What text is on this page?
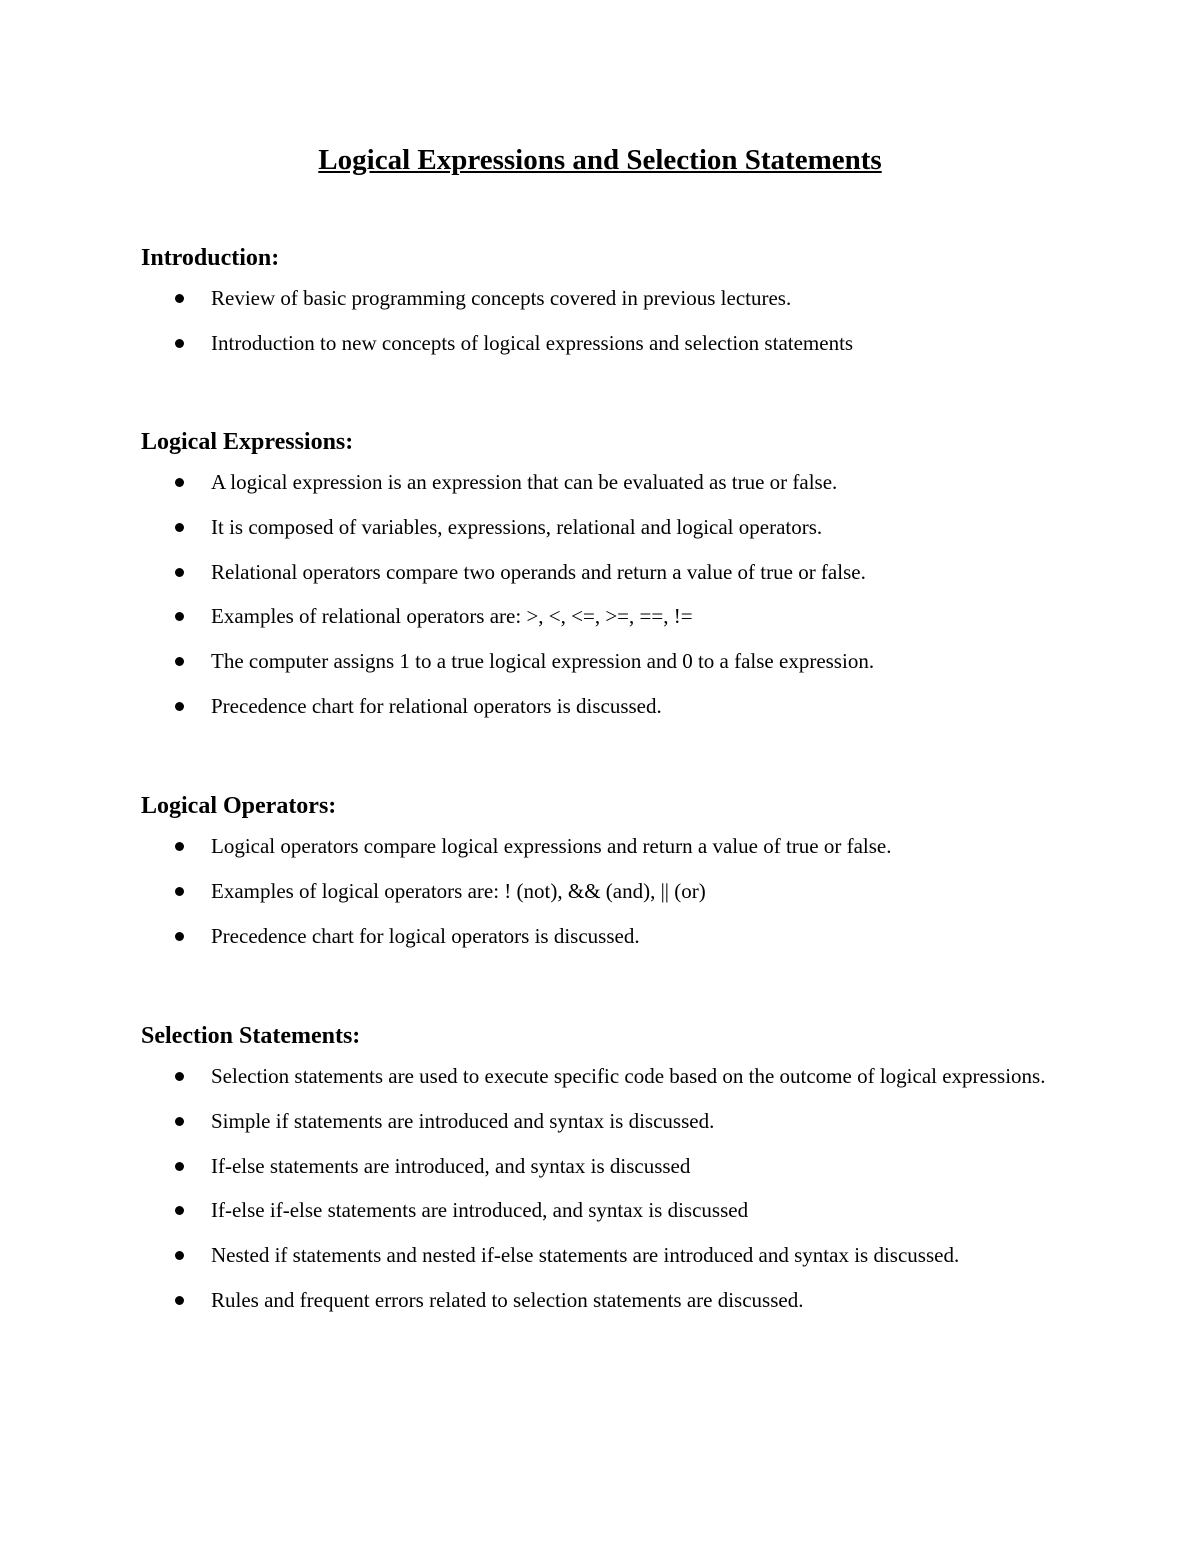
Logical Expressions and Selection Statements
Introduction:
Review of basic programming concepts covered in previous lectures.
Introduction to new concepts of logical expressions and selection statements
Logical Expressions:
A logical expression is an expression that can be evaluated as true or false.
It is composed of variables, expressions, relational and logical operators.
Relational operators compare two operands and return a value of true or false.
Examples of relational operators are: >, <, <=, >=, ==, !=
The computer assigns 1 to a true logical expression and 0 to a false expression.
Precedence chart for relational operators is discussed.
Logical Operators:
Logical operators compare logical expressions and return a value of true or false.
Examples of logical operators are: ! (not), && (and), || (or)
Precedence chart for logical operators is discussed.
Selection Statements:
Selection statements are used to execute specific code based on the outcome of logical expressions.
Simple if statements are introduced and syntax is discussed.
If-else statements are introduced, and syntax is discussed
If-else if-else statements are introduced, and syntax is discussed
Nested if statements and nested if-else statements are introduced and syntax is discussed.
Rules and frequent errors related to selection statements are discussed.
